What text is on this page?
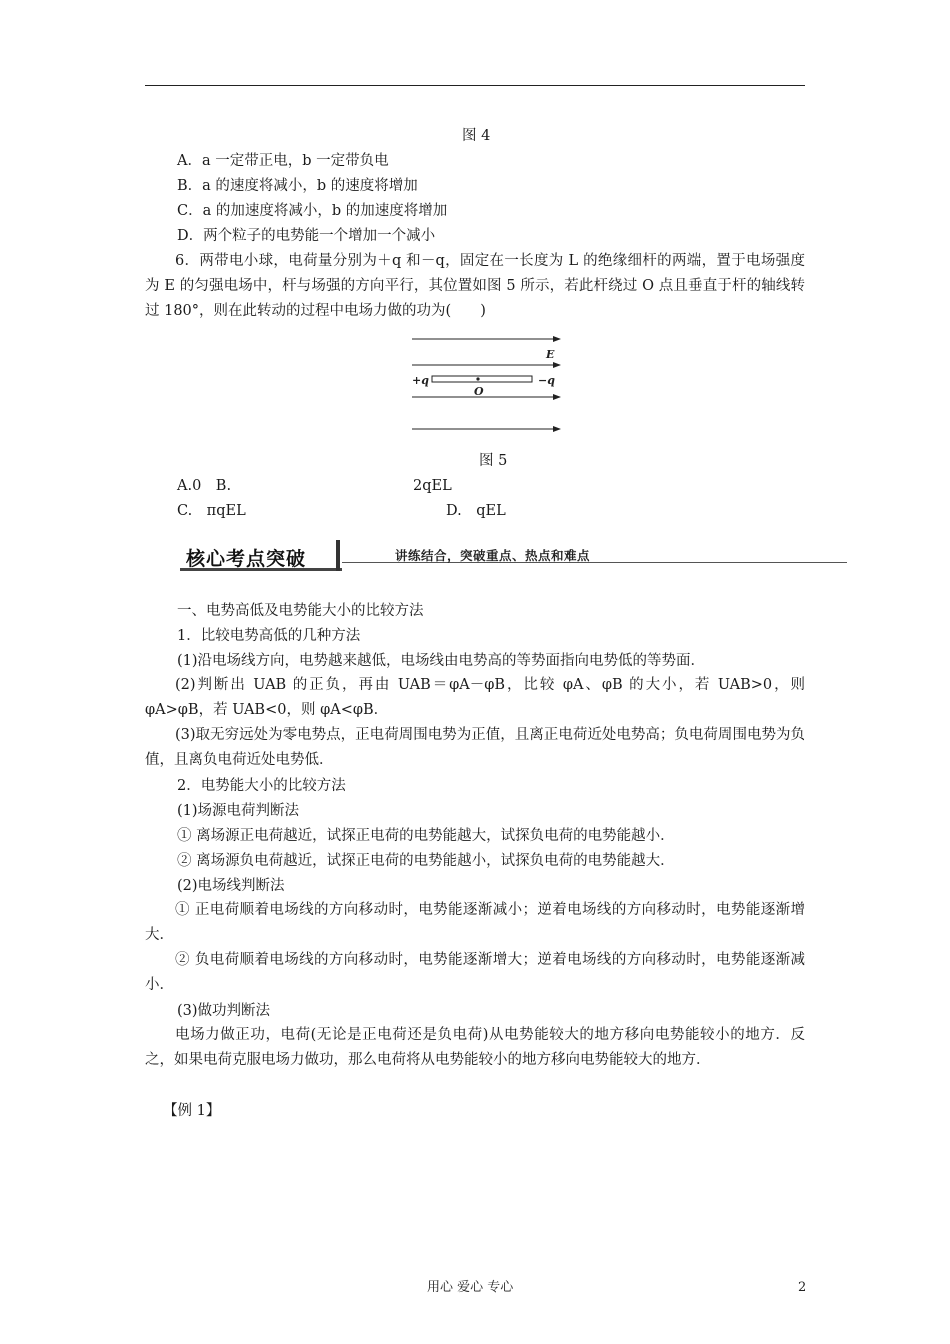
图 4
A．a 一定带正电，b 一定带负电
B．a 的速度将减小，b 的速度将增加
C．a 的加速度将减小，b 的加速度将增加
D．两个粒子的电势能一个增加一个减小
6．两带电小球，电荷量分别为＋q 和－q，固定在一长度为 L 的绝缘细杆的两端，置于电场强度为 E 的匀强电场中，杆与场强的方向平行，其位置如图 5 所示，若此杆绕过 O 点且垂直于杆的轴线转过 180°，则在此转动的过程中电场力做的功为(　　)
E
+q	−q
O
图 5
A.0　B.	2qEL
C.　πqEL	D.　qEL
核心考点突破	讲练结合，突破重点、热点和难点
一、电势高低及电势能大小的比较方法
1．比较电势高低的几种方法
(1)沿电场线方向，电势越来越低，电场线由电势高的等势面指向电势低的等势面．
(2)判断出 UAB 的正负，再由 UAB＝φA－φB，比较 φA、φB 的大小，若 UAB>0，则 φA>φB，若 UAB<0，则 φA<φB．
(3)取无穷远处为零电势点，正电荷周围电势为正值，且离正电荷近处电势高；负电荷周围电势为负值，且离负电荷近处电势低．
2．电势能大小的比较方法
(1)场源电荷判断法
① 离场源正电荷越近，试探正电荷的电势能越大，试探负电荷的电势能越小．
② 离场源负电荷越近，试探正电荷的电势能越小，试探负电荷的电势能越大．
(2)电场线判断法
① 正电荷顺着电场线的方向移动时，电势能逐渐减小；逆着电场线的方向移动时，电势能逐渐增大．
② 负电荷顺着电场线的方向移动时，电势能逐渐增大；逆着电场线的方向移动时，电势能逐渐减小．
(3)做功判断法
电场力做正功，电荷(无论是正电荷还是负电荷)从电势能较大的地方移向电势能较小的地方．反之，如果电荷克服电场力做功，那么电荷将从电势能较小的地方移向电势能较大的地方．
【例 1】
用心 爱心 专心	2
